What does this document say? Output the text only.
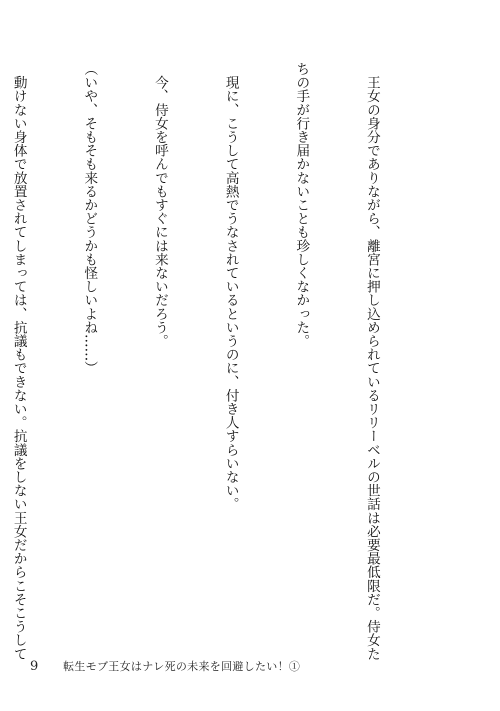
　王女の身分でありながら、離宮に押し込められているリリーベルの世話は必要最低限だ。侍女た

ちの手が行き届かないことも珍しくなかった。

　現に、こうして高熱でうなされているというのに、付き人すらいない。

　今、侍女を呼んでもすぐには来ないだろう。

（いや、そもそも来るかどうかも怪しいよね……）

　動けない身体で放置されてしまっては、抗議もできない。抗議をしない王女だからこそこうして

9 転生モブ王女はナレ死の未来を回避したい！①
